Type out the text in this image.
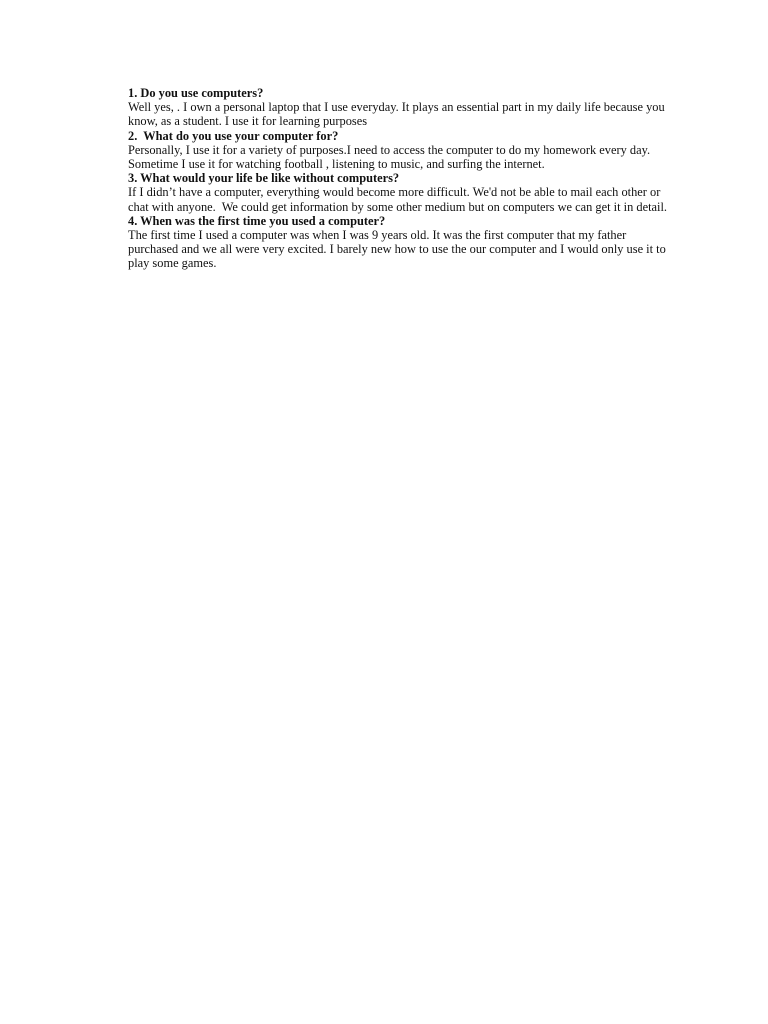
1. Do you use computers?

Well yes, . I own a personal laptop that I use everyday. It plays an essential part in my daily life because you

know, as a student. I use it for learning purposes

2.  What do you use your computer for?

Personally, I use it for a variety of purposes.I need to access the computer to do my homework every day.

Sometime I use it for watching football , listening to music, and surfing the internet.

3. What would your life be like without computers?

If I didn’t have a computer, everything would become more difficult. We'd not be able to mail each other or

chat with anyone.  We could get information by some other medium but on computers we can get it in detail.

4. When was the first time you used a computer?

The first time I used a computer was when I was 9 years old. It was the first computer that my father

purchased and we all were very excited. I barely new how to use the our computer and I would only use it to

play some games.
